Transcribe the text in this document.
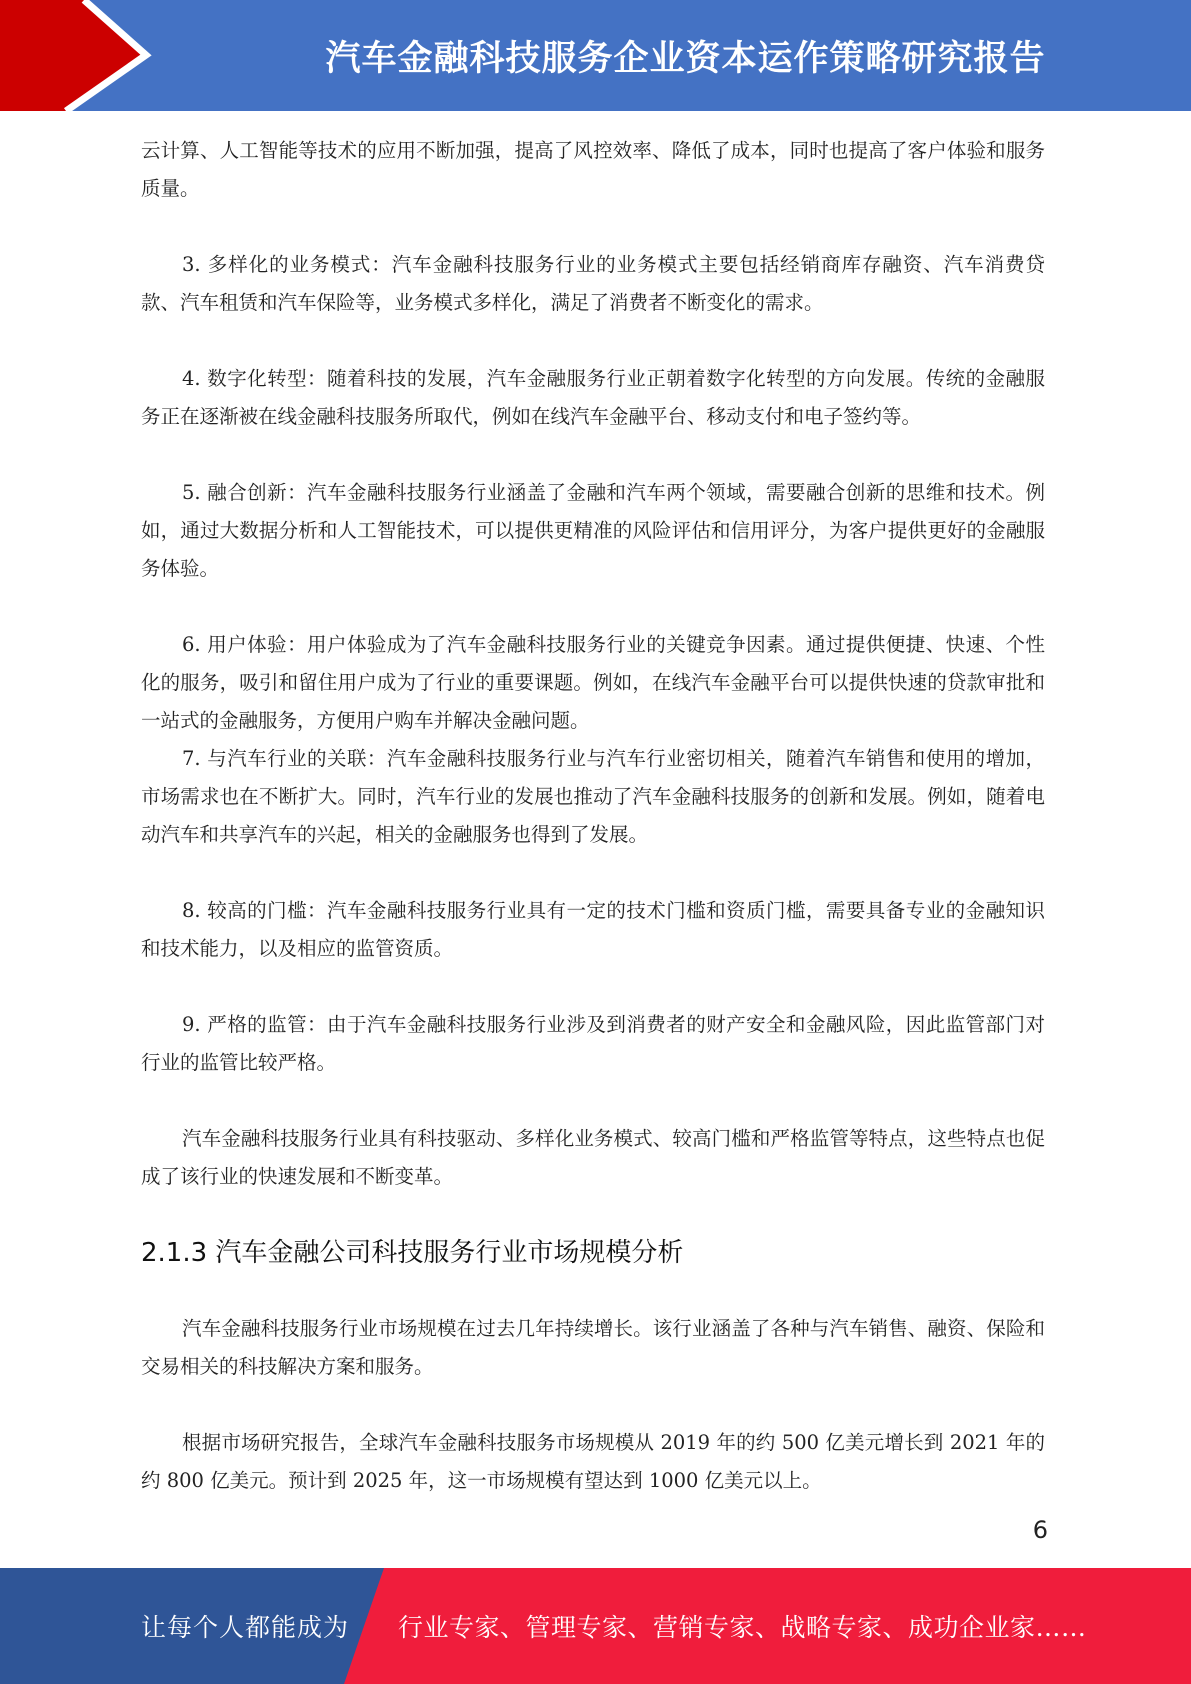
汽车金融科技服务企业资本运作策略研究报告

云计算、人工智能等技术的应用不断加强，提高了风控效率、降低了成本，同时也提高了客户体验和服务质量。

3. 多样化的业务模式：汽车金融科技服务行业的业务模式主要包括经销商库存融资、汽车消费贷款、汽车租赁和汽车保险等，业务模式多样化，满足了消费者不断变化的需求。

4. 数字化转型：随着科技的发展，汽车金融服务行业正朝着数字化转型的方向发展。传统的金融服务正在逐渐被在线金融科技服务所取代，例如在线汽车金融平台、移动支付和电子签约等。

5. 融合创新：汽车金融科技服务行业涵盖了金融和汽车两个领域，需要融合创新的思维和技术。例如，通过大数据分析和人工智能技术，可以提供更精准的风险评估和信用评分，为客户提供更好的金融服务体验。

6. 用户体验：用户体验成为了汽车金融科技服务行业的关键竞争因素。通过提供便捷、快速、个性化的服务，吸引和留住用户成为了行业的重要课题。例如，在线汽车金融平台可以提供快速的贷款审批和一站式的金融服务，方便用户购车并解决金融问题。

7. 与汽车行业的关联：汽车金融科技服务行业与汽车行业密切相关，随着汽车销售和使用的增加，市场需求也在不断扩大。同时，汽车行业的发展也推动了汽车金融科技服务的创新和发展。例如，随着电动汽车和共享汽车的兴起，相关的金融服务也得到了发展。

8. 较高的门槛：汽车金融科技服务行业具有一定的技术门槛和资质门槛，需要具备专业的金融知识和技术能力，以及相应的监管资质。

9. 严格的监管：由于汽车金融科技服务行业涉及到消费者的财产安全和金融风险，因此监管部门对行业的监管比较严格。

汽车金融科技服务行业具有科技驱动、多样化业务模式、较高门槛和严格监管等特点，这些特点也促成了该行业的快速发展和不断变革。

2.1.3 汽车金融公司科技服务行业市场规模分析

汽车金融科技服务行业市场规模在过去几年持续增长。该行业涵盖了各种与汽车销售、融资、保险和交易相关的科技解决方案和服务。

根据市场研究报告，全球汽车金融科技服务市场规模从 2019 年的约 500 亿美元增长到 2021 年的约 800 亿美元。预计到 2025 年，这一市场规模有望达到 1000 亿美元以上。

6
让每个人都能成为 行业专家、管理专家、营销专家、战略专家、成功企业家……
